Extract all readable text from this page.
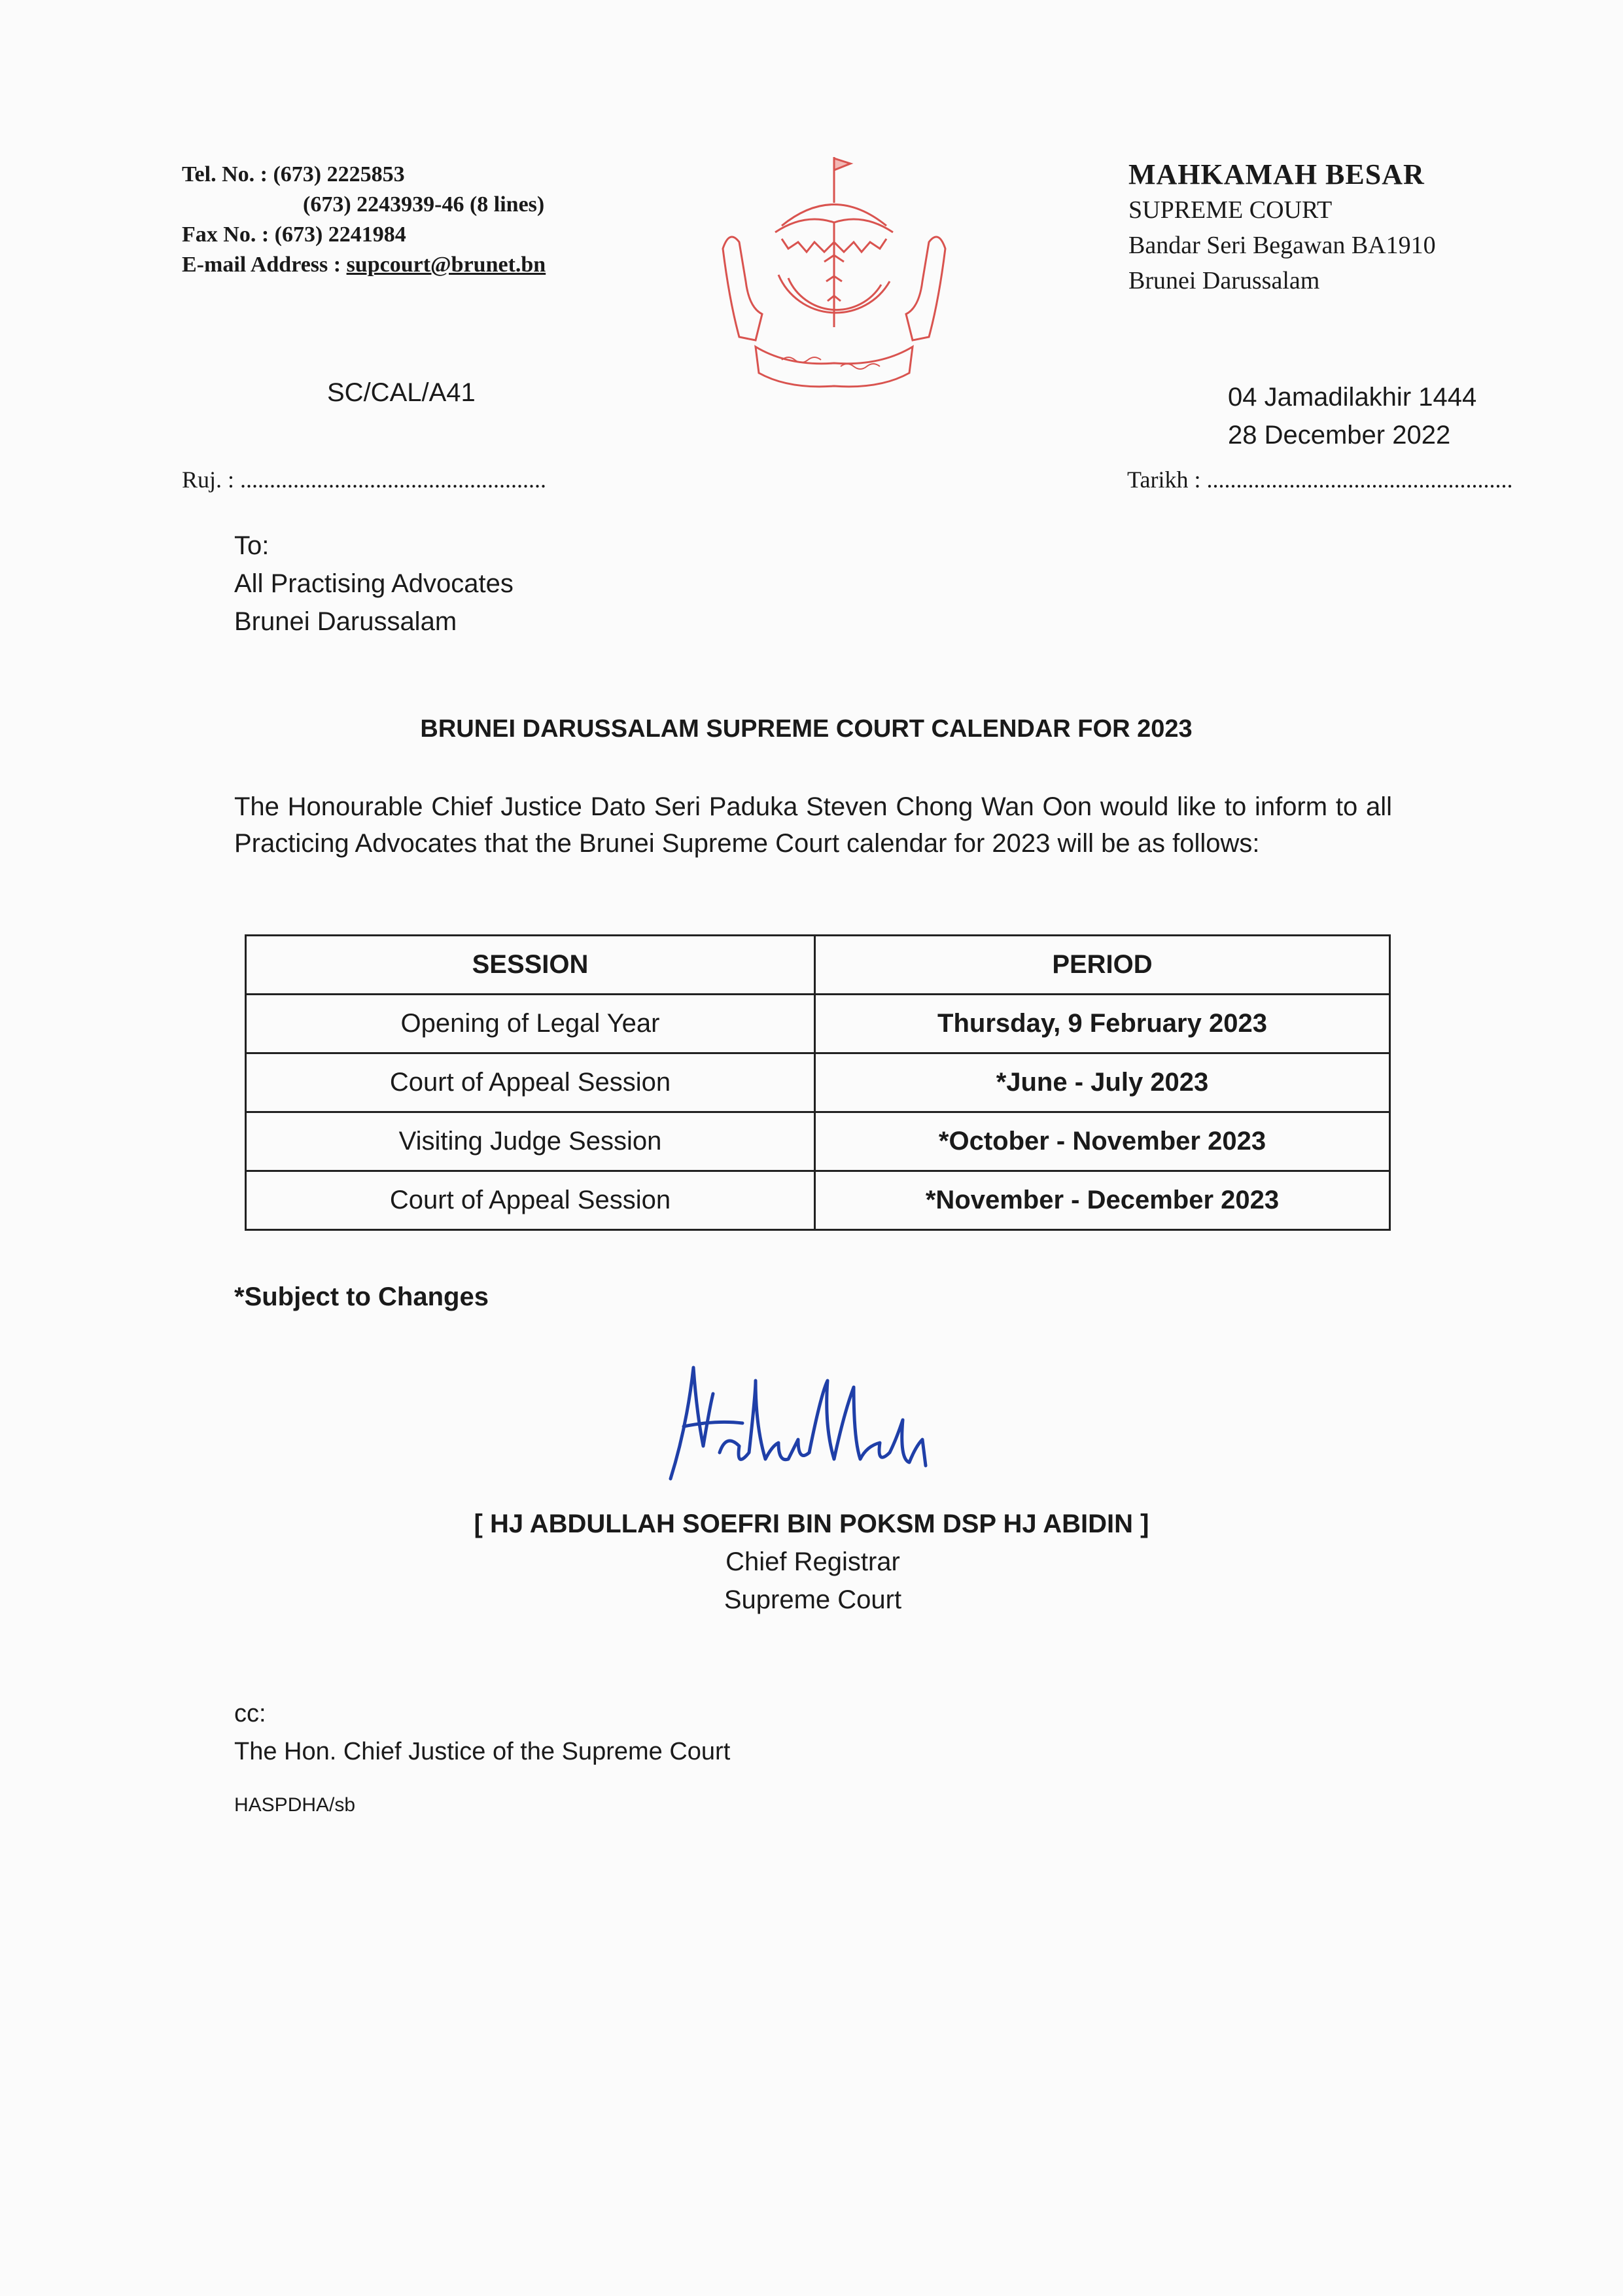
Tel. No. : (673) 2225853
(673) 2243939-46 (8 lines)
Fax No. : (673) 2241984
E-mail Address : supcourt@brunet.bn
MAHKAMAH BESAR
SUPREME COURT
Bandar Seri Begawan BA1910
Brunei Darussalam
SC/CAL/A41	04 Jamadilakhir 1444
28 December 2022
Ruj. : ....................................................	Tarikh : ....................................................
To:
All Practising Advocates
Brunei Darussalam
BRUNEI DARUSSALAM SUPREME COURT CALENDAR FOR 2023
The Honourable Chief Justice Dato Seri Paduka Steven Chong Wan Oon would like to inform to all Practicing Advocates that the Brunei Supreme Court calendar for 2023 will be as follows:
SESSION	PERIOD
Opening of Legal Year	Thursday, 9 February 2023
Court of Appeal Session	*June - July 2023
Visiting Judge Session	*October - November 2023
Court of Appeal Session	*November - December 2023
*Subject to Changes
[ HJ ABDULLAH SOEFRI BIN POKSM DSP HJ ABIDIN ]
Chief Registrar
Supreme Court
cc:
The Hon. Chief Justice of the Supreme Court
HASPDHA/sb
